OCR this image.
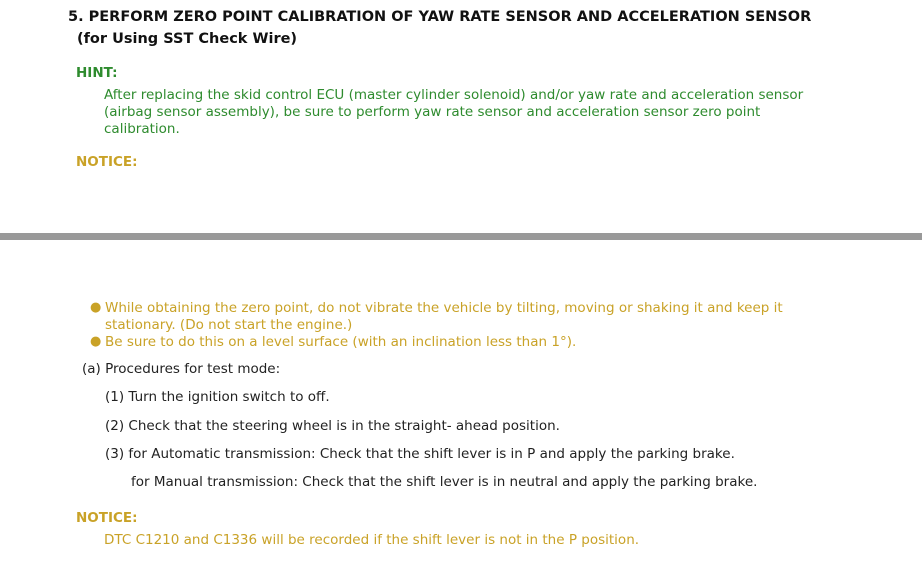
5. PERFORM ZERO POINT CALIBRATION OF YAW RATE SENSOR AND ACCELERATION SENSOR
(for Using SST Check Wire)
HINT:
After replacing the skid control ECU (master cylinder solenoid) and/or yaw rate and acceleration sensor
(airbag sensor assembly), be sure to perform yaw rate sensor and acceleration sensor zero point
calibration.
NOTICE:
● While obtaining the zero point, do not vibrate the vehicle by tilting, moving or shaking it and keep it
stationary. (Do not start the engine.)
● Be sure to do this on a level surface (with an inclination less than 1°).
(a) Procedures for test mode:
(1) Turn the ignition switch to off.
(2) Check that the steering wheel is in the straight- ahead position.
(3) for Automatic transmission: Check that the shift lever is in P and apply the parking brake.
for Manual transmission: Check that the shift lever is in neutral and apply the parking brake.
NOTICE:
DTC C1210 and C1336 will be recorded if the shift lever is not in the P position.
